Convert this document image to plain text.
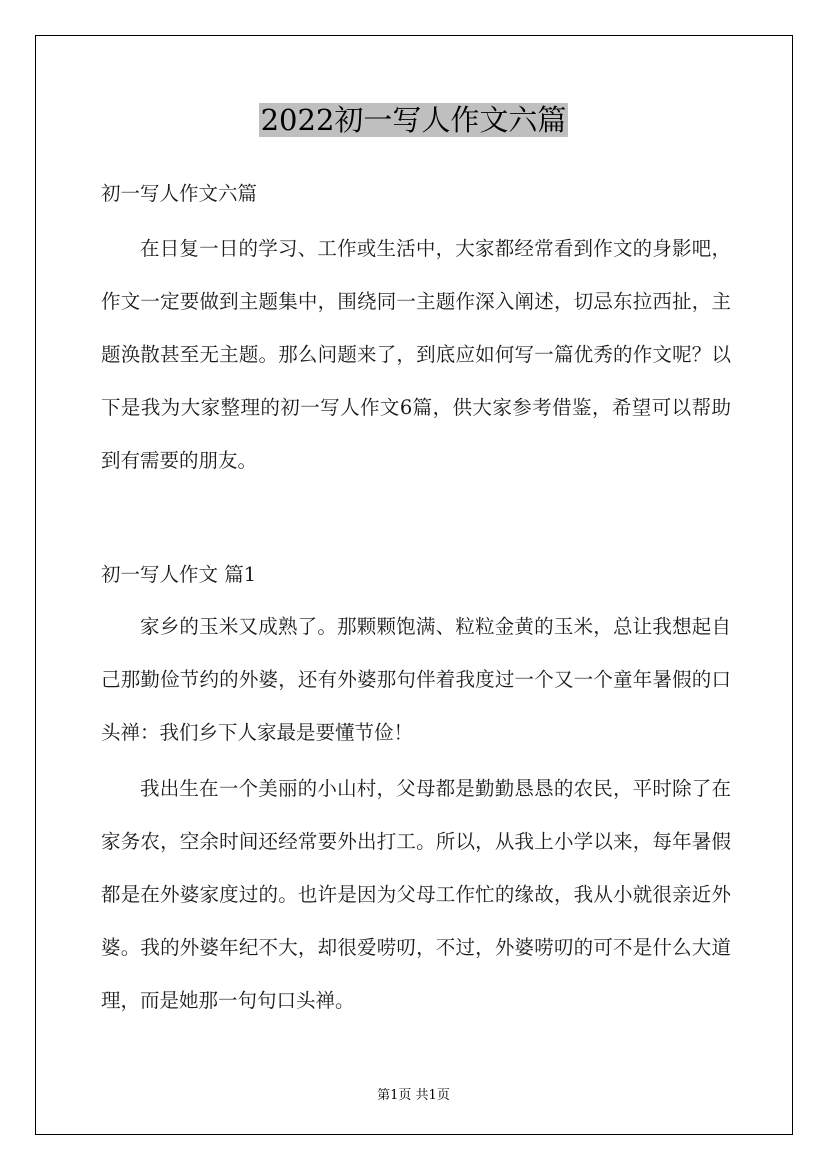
2022初一写人作文六篇

初一写人作文六篇

在日复一日的学习、工作或生活中，大家都经常看到作文的身影吧，作文一定要做到主题集中，围绕同一主题作深入阐述，切忌东拉西扯，主题涣散甚至无主题。那么问题来了，到底应如何写一篇优秀的作文呢？以下是我为大家整理的初一写人作文6篇，供大家参考借鉴，希望可以帮助到有需要的朋友。

初一写人作文 篇1

家乡的玉米又成熟了。那颗颗饱满、粒粒金黄的玉米，总让我想起自己那勤俭节约的外婆，还有外婆那句伴着我度过一个又一个童年暑假的口头禅：我们乡下人家最是要懂节俭！

我出生在一个美丽的小山村，父母都是勤勤恳恳的农民，平时除了在家务农，空余时间还经常要外出打工。所以，从我上小学以来，每年暑假都是在外婆家度过的。也许是因为父母工作忙的缘故，我从小就很亲近外婆。我的外婆年纪不大，却很爱唠叨，不过，外婆唠叨的可不是什么大道理，而是她那一句句口头禅。

第1页 共1页
